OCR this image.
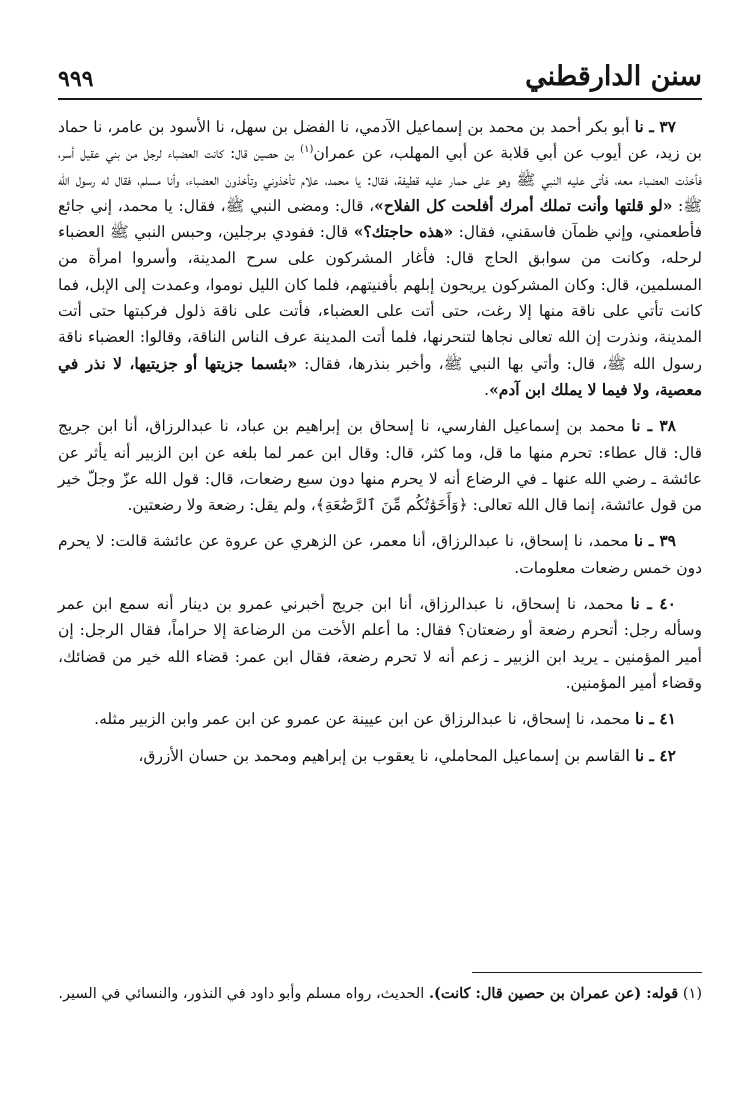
سنن الدارقطني
٩٩٩

٣٧ ـ نا أبو بكر أحمد بن محمد بن إسماعيل الآدمي، نا الفضل بن سهل، نا الأسود بن عامر، نا حماد بن زيد، عن أيوب عن أبي قلابة عن أبي المهلب، عن عمران$^{(١)}$ بن حصين قال: كانت العضباء لرجل من بني عقيل أسر، فأخذت العضباء معه، فأتى عليه النبي ﷺ وهو على حمار عليه قطيفة، فقال: يا محمد، علام تأخذوني وتأخذون العضباء، وأنا مسلم، فقال له رسول الله ﷺ: «لو قلتها وأنت تملك أمرك أفلحت كل الفلاح»، قال: ومضى النبي ﷺ، فقال: يا محمد، إني جائع فأطعمني، وإني ظمآن فاسقني، فقال: «هذه حاجتك؟» قال: ففودي برجلين، وحبس النبي ﷺ العضباء لرحله، وكانت من سوابق الحاج قال: فأغار المشركون على سرح المدينة، وأسروا امرأة من المسلمين، قال: وكان المشركون يريحون إبلهم بأفنيتهم، فلما كان الليل نوموا، وعمدت إلى الإبل، فما كانت تأتي على ناقة منها إلا رغت، حتى أتت على العضباء، فأتت على ناقة ذلول فركبتها حتى أتت المدينة، ونذرت إن الله تعالى نجاها لتنحرنها، فلما أتت المدينة عرف الناس الناقة، وقالوا: العضباء ناقة رسول الله ﷺ، قال: وأتي بها النبي ﷺ، وأخبر بنذرها، فقال: «بئسما جزيتها أو جزيتيها، لا نذر في معصية، ولا فيما لا يملك ابن آدم».

٣٨ ـ نا محمد بن إسماعيل الفارسي، نا إسحاق بن إبراهيم بن عباد، نا عبدالرزاق، أنا ابن جريج قال: قال عطاء: تحرم منها ما قل، وما كثر، قال: وقال ابن عمر لما بلغه عن ابن الزبير أنه يأثر عن عائشة ـ رضي الله عنها ـ في الرضاع أنه لا يحرم منها دون سبع رضعات، قال: قول الله عزّ وجلّ خير من قول عائشة، إنما قال الله تعالى: ﴿وَأَخَوَٰتُكُم مِّنَ ٱلرَّضَٰعَةِ﴾، ولم يقل: رضعة ولا رضعتين.

٣٩ ـ نا محمد، نا إسحاق، نا عبدالرزاق، أنا معمر، عن الزهري عن عروة عن عائشة قالت: لا يحرم دون خمس رضعات معلومات.

٤٠ ـ نا محمد، نا إسحاق، نا عبدالرزاق، أنا ابن جريج أخبرني عمرو بن دينار أنه سمع ابن عمر وسأله رجل: أتحرم رضعة أو رضعتان؟ فقال: ما أعلم الأخت من الرضاعة إلا حراماً، فقال الرجل: إن أمير المؤمنين ـ يريد ابن الزبير ـ زعم أنه لا تحرم رضعة، فقال ابن عمر: قضاء الله خير من قضائك، وقضاء أمير المؤمنين.

٤١ ـ نا محمد، نا إسحاق، نا عبدالرزاق عن ابن عيينة عن عمرو عن ابن عمر وابن الزبير مثله.

٤٢ ـ نا القاسم بن إسماعيل المحاملي، نا يعقوب بن إبراهيم ومحمد بن حسان الأزرق،

(١) قوله: (عن عمران بن حصين قال: كانت). الحديث، رواه مسلم وأبو داود في النذور، والنسائي في السير.
